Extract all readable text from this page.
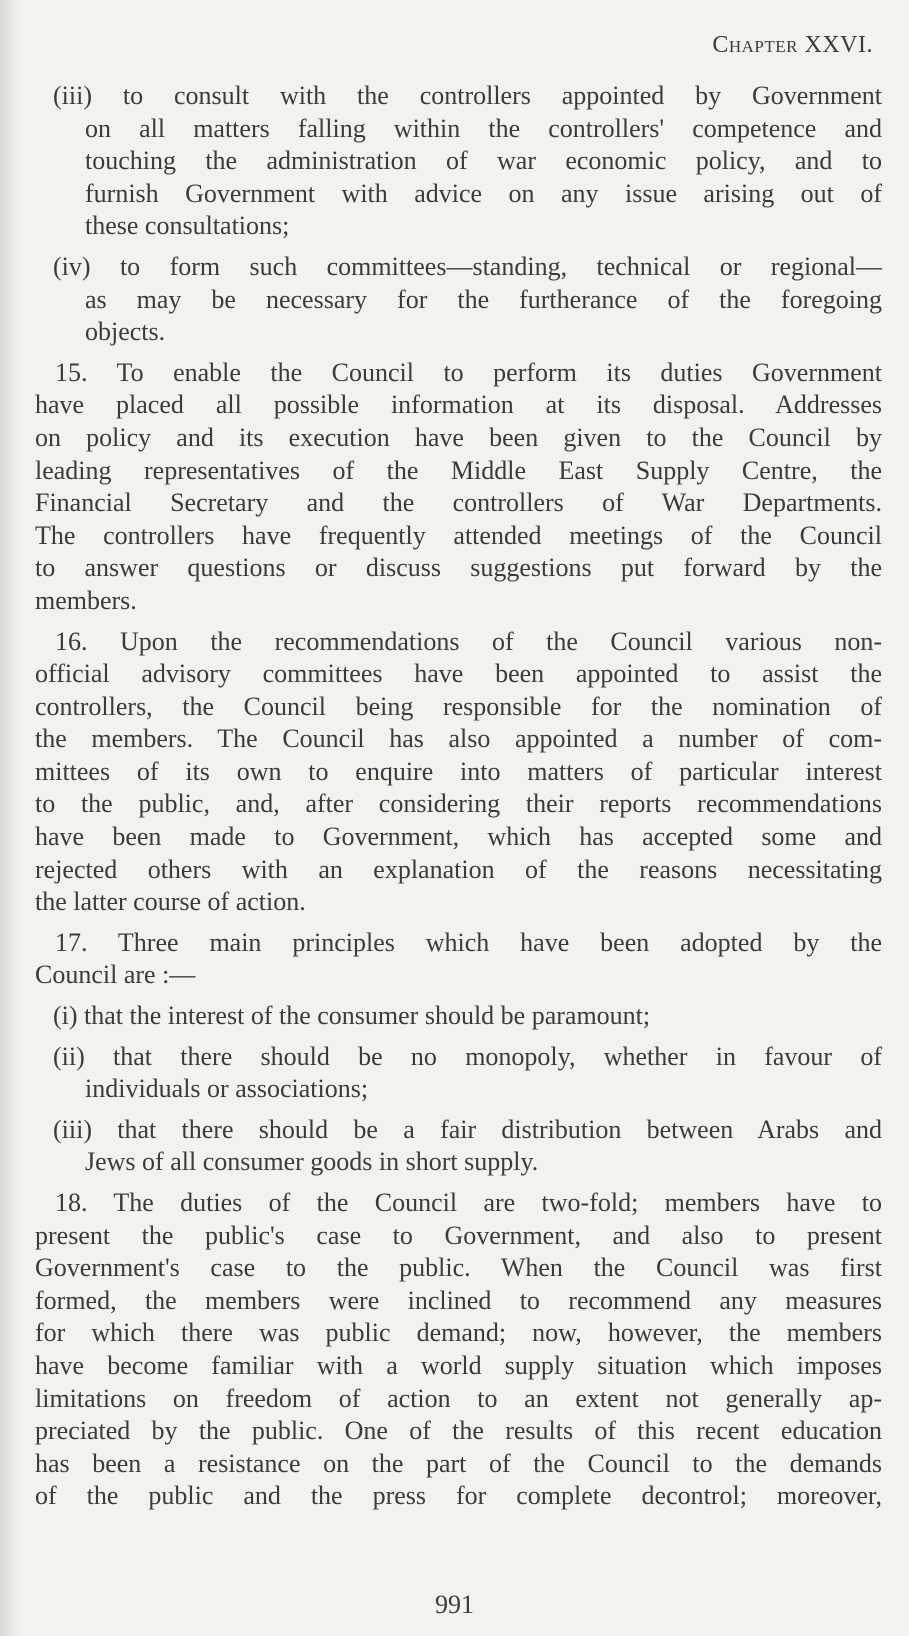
Chapter XXVI.
(iii) to consult with the controllers appointed by Government
on all matters falling within the controllers' competence and
touching the administration of war economic policy, and to
furnish Government with advice on any issue arising out of
these consultations;
(iv) to form such committees—standing, technical or regional—
as may be necessary for the furtherance of the foregoing
objects.
15. To enable the Council to perform its duties Government
have placed all possible information at its disposal. Addresses
on policy and its execution have been given to the Council by
leading representatives of the Middle East Supply Centre, the
Financial Secretary and the controllers of War Departments.
The controllers have frequently attended meetings of the Council
to answer questions or discuss suggestions put forward by the
members.
16. Upon the recommendations of the Council various non-
official advisory committees have been appointed to assist the
controllers, the Council being responsible for the nomination of
the members. The Council has also appointed a number of com-
mittees of its own to enquire into matters of particular interest
to the public, and, after considering their reports recommendations
have been made to Government, which has accepted some and
rejected others with an explanation of the reasons necessitating
the latter course of action.
17. Three main principles which have been adopted by the
Council are :—
(i) that the interest of the consumer should be paramount;
(ii) that there should be no monopoly, whether in favour of
individuals or associations;
(iii) that there should be a fair distribution between Arabs and
Jews of all consumer goods in short supply.
18. The duties of the Council are two-fold; members have to
present the public's case to Government, and also to present
Government's case to the public. When the Council was first
formed, the members were inclined to recommend any measures
for which there was public demand; now, however, the members
have become familiar with a world supply situation which imposes
limitations on freedom of action to an extent not generally ap-
preciated by the public. One of the results of this recent education
has been a resistance on the part of the Council to the demands
of the public and the press for complete decontrol; moreover,
991
